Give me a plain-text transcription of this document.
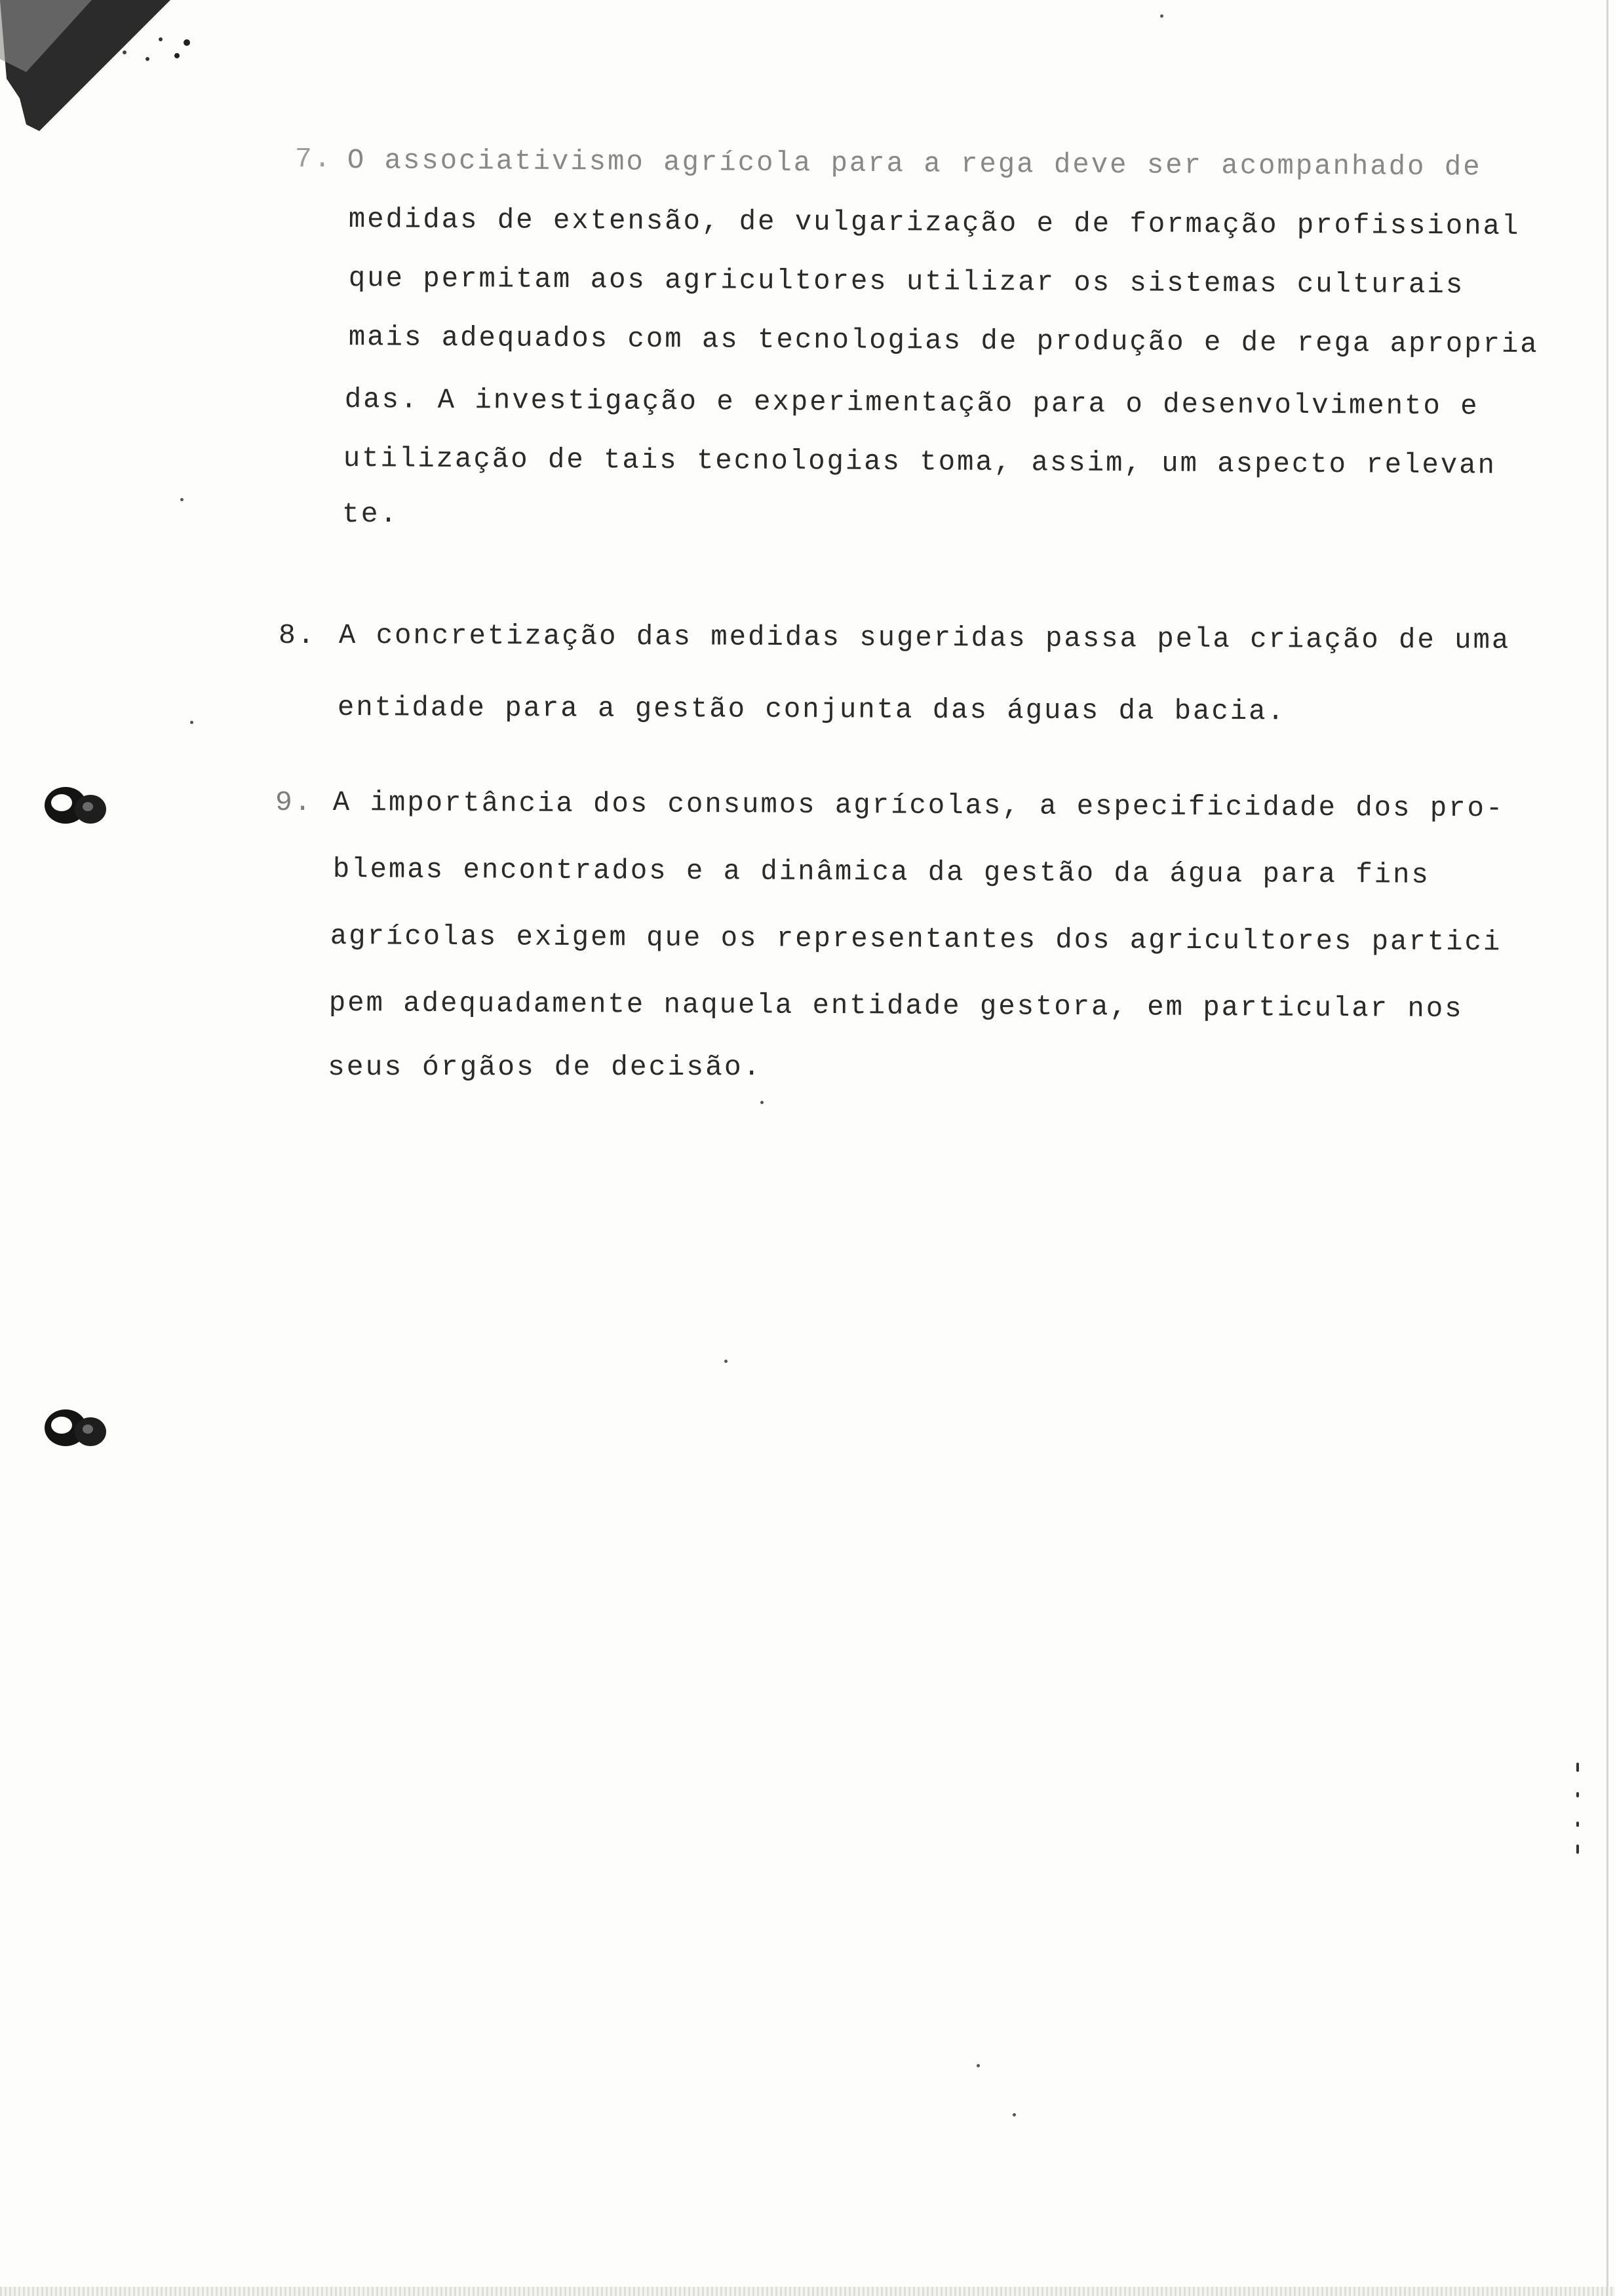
7. O associativismo agrícola para a rega deve ser acompanhado de
medidas de extensão, de vulgarização e de formação profissional
que permitam aos agricultores utilizar os sistemas culturais
mais adequados com as tecnologias de produção e de rega apropria
das. A investigação e experimentação para o desenvolvimento e
utilização de tais tecnologias toma, assim, um aspecto relevan
te.
8. A concretização das medidas sugeridas passa pela criação de uma
entidade para a gestão conjunta das águas da bacia.
9. A importância dos consumos agrícolas, a especificidade dos pro-
blemas encontrados e a dinâmica da gestão da água para fins
agrícolas exigem que os representantes dos agricultores partici
pem adequadamente naquela entidade gestora, em particular nos
seus órgãos de decisão.
